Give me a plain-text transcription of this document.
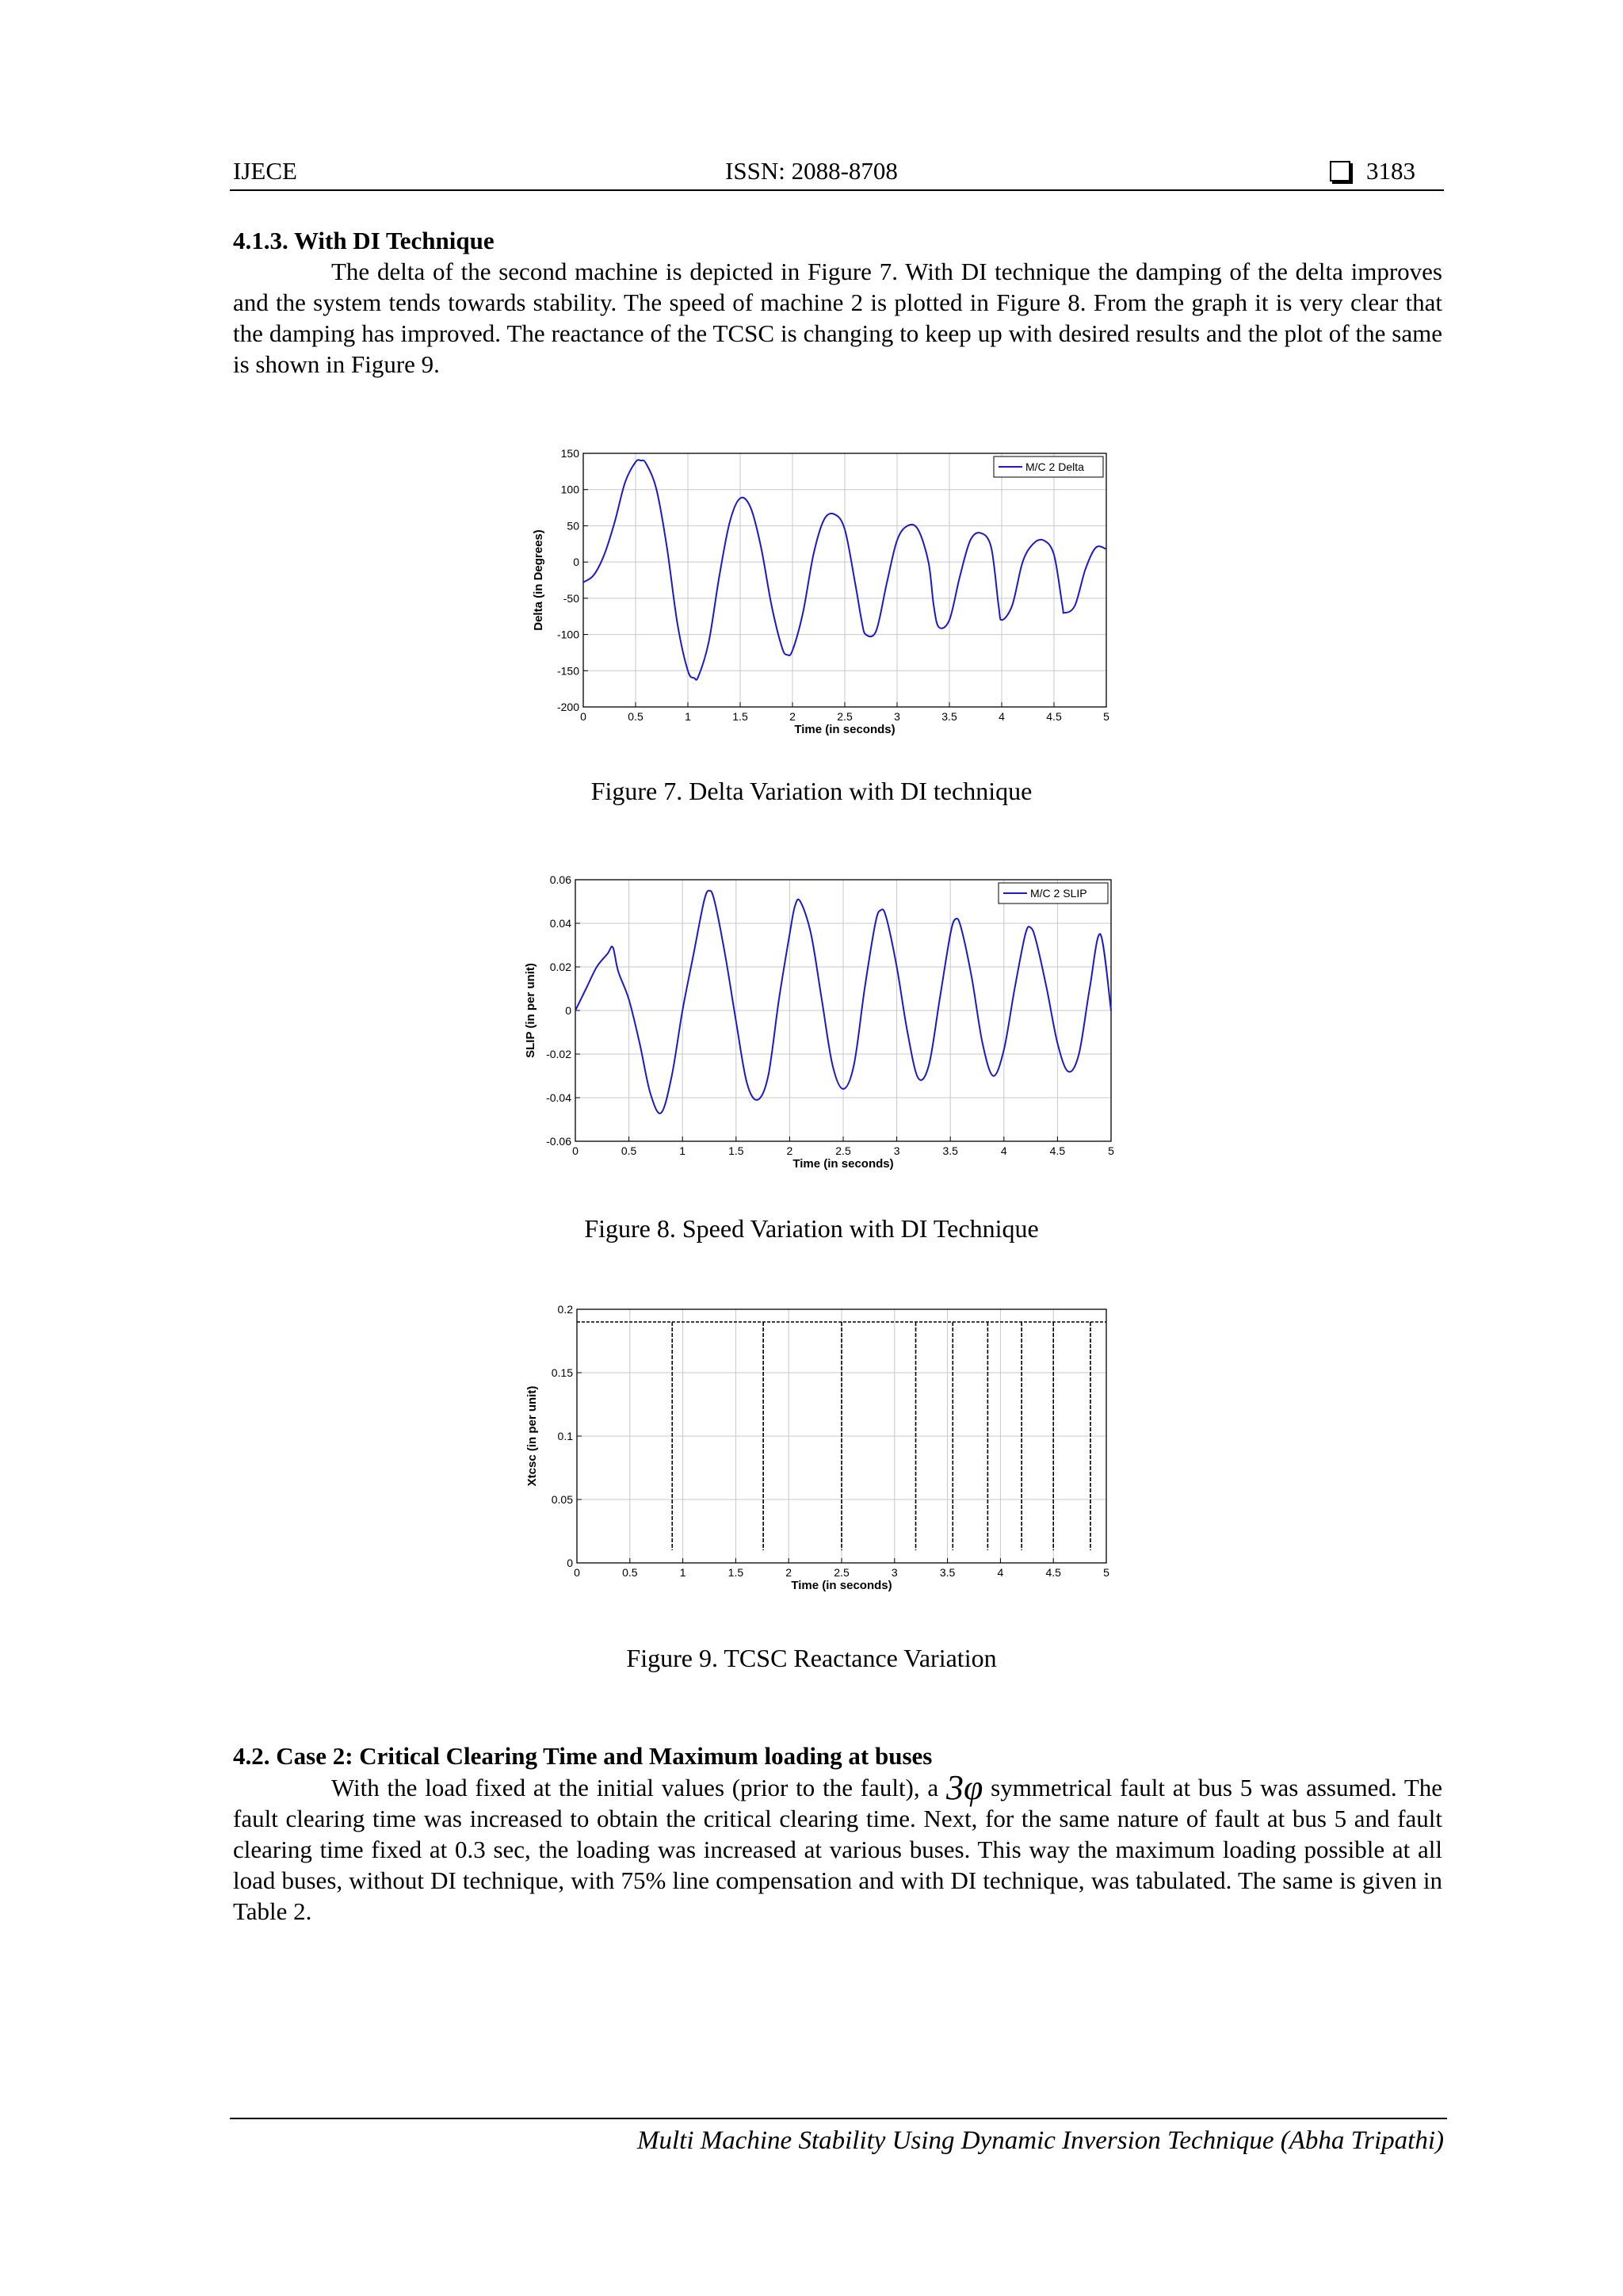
IJECE	ISSN: 2088-8708	3183
4.1.3. With DI Technique
The delta of the second machine is depicted in Figure 7. With DI technique the damping of the delta improves and the system tends towards stability. The speed of machine 2 is plotted in Figure 8. From the graph it is very clear that the damping has improved. The reactance of the TCSC is changing to keep up with desired results and the plot of the same is shown in Figure 9.
0	0.5	1	1.5	2	2.5	3	3.5	4	4.5	5
-200
-150
-100
-50
0
50
100
150
Time (in seconds)
Delta (in Degrees)
M/C 2 Delta
Figure 7. Delta Variation with DI technique
0	0.5	1	1.5	2	2.5	3	3.5	4	4.5	5
-0.06
-0.04
-0.02
0
0.02
0.04
0.06
Time (in seconds)
SLIP (in per unit)
M/C 2 SLIP
Figure 8. Speed Variation with DI Technique
0	0.5	1	1.5	2	2.5	3	3.5	4	4.5	5
0
0.05
0.1
0.15
0.2
Time (in seconds)
Xtcsc (in per unit)
Figure 9. TCSC Reactance Variation
4.2. Case 2: Critical Clearing Time and Maximum loading at buses
With the load fixed at the initial values (prior to the fault), a 3φ symmetrical fault at bus 5 was assumed. The fault clearing time was increased to obtain the critical clearing time. Next, for the same nature of fault at bus 5 and fault clearing time fixed at 0.3 sec, the loading was increased at various buses. This way the maximum loading possible at all load buses, without DI technique, with 75% line compensation and with DI technique, was tabulated. The same is given in Table 2.
Multi Machine Stability Using Dynamic Inversion Technique (Abha Tripathi)
